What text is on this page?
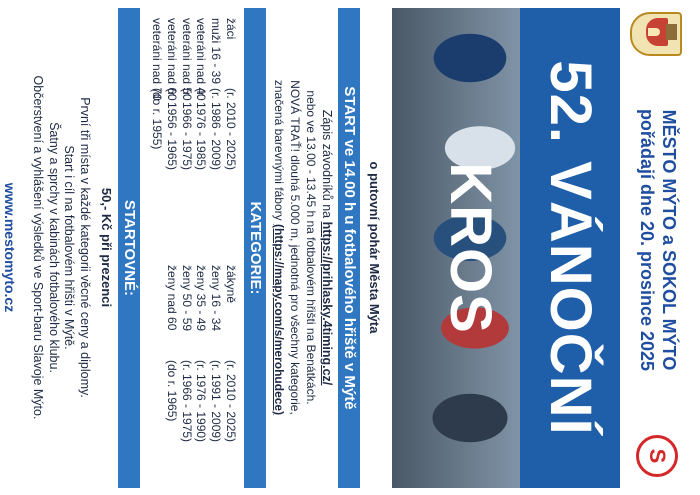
MĚSTO MÝTO a SOKOL MÝTO
pořádají dne 20. prosince 2025
S
52. VÁNOČNÍ KROS
o putovní pohár Města Mýta
START ve 14.00 h u fotbalového hřiště v Mýtě
Zápis závodníků na https://prihlasky.4timing.cz/
nebo ve 13.00 - 13.45 h na fotbalovém hřišti na Benátkách.
NOVÁ TRAŤ! dlouhá 5.000 m, jednotná pro všechny kategorie,
značená barevnými fábory (https://mapy.com/s/merohudece)
KATEGORIE:
žáci
muži 16 - 39
veteráni nad 40
veteráni nad 50
veteráni nad 60
veteráni nad 70
(r. 2010 - 2025)
(r. 1986 - 2009)
(r. 1976 - 1985)
(r. 1966 - 1975)
(r. 1956 - 1965)
(do r. 1955)
žákyně
ženy 16 - 34
ženy 35 - 49
ženy 50 - 59
ženy nad 60
(r. 2010 - 2025)
(r. 1991 - 2009)
(r. 1976 - 1990)
(r. 1966 - 1975)
(do r. 1965)
STARTOVNÉ:
50,- Kč při prezenci
První tři místa v každé kategorii věcné ceny a diplomy.
Start i cíl na fotbalovém hřišti v Mýtě.
Šatny a sprchy v kabinách fotbalového klubu.
Občerstvení a vyhlášení výsledků ve Sport-baru Slavoje Mýto.
www.mestomyto.cz
